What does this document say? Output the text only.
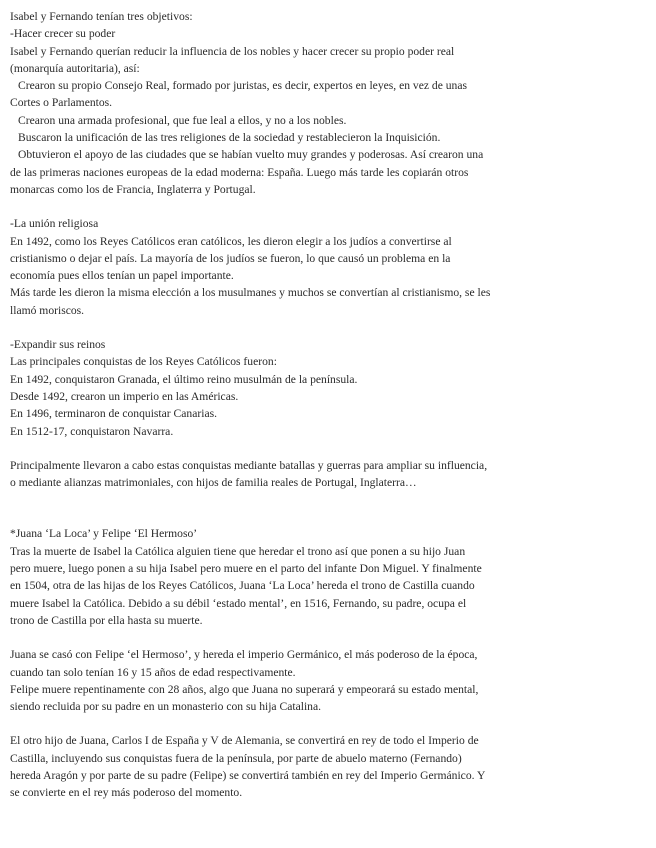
Isabel y Fernando tenían tres objetivos:
-Hacer crecer su poder
Isabel y Fernando querían reducir la influencia de los nobles y hacer crecer su propio poder real
(monarquía autoritaria), así:
Crearon su propio Consejo Real, formado por juristas, es decir, expertos en leyes, en vez de unas
Cortes o Parlamentos.
Crearon una armada profesional, que fue leal a ellos, y no a los nobles.
Buscaron la unificación de las tres religiones de la sociedad y restablecieron la Inquisición.
Obtuvieron el apoyo de las ciudades que se habían vuelto muy grandes y poderosas. Así crearon una
de las primeras naciones europeas de la edad moderna: España. Luego más tarde les copiarán otros
monarcas como los de Francia, Inglaterra y Portugal.
-La unión religiosa
En 1492, como los Reyes Católicos eran católicos, les dieron elegir a los judíos a convertirse al
cristianismo o dejar el país. La mayoría de los judíos se fueron, lo que causó un problema en la
economía pues ellos tenían un papel importante.
Más tarde les dieron la misma elección a los musulmanes y muchos se convertían al cristianismo, se les
llamó moriscos.
-Expandir sus reinos
Las principales conquistas de los Reyes Católicos fueron:
En 1492, conquistaron Granada, el último reino musulmán de la península.
Desde 1492, crearon un imperio en las Américas.
En 1496, terminaron de conquistar Canarias.
En 1512-17, conquistaron Navarra.
Principalmente llevaron a cabo estas conquistas mediante batallas y guerras para ampliar su influencia,
o mediante alianzas matrimoniales, con hijos de familia reales de Portugal, Inglaterra…
*Juana ‘La Loca’ y Felipe ‘El Hermoso’
Tras la muerte de Isabel la Católica alguien tiene que heredar el trono así que ponen a su hijo Juan
pero muere, luego ponen a su hija Isabel pero muere en el parto del infante Don Miguel. Y finalmente
en 1504, otra de las hijas de los Reyes Católicos, Juana ‘La Loca’ hereda el trono de Castilla cuando
muere Isabel la Católica. Debido a su débil ‘estado mental’, en 1516, Fernando, su padre, ocupa el
trono de Castilla por ella hasta su muerte.
Juana se casó con Felipe ‘el Hermoso’, y hereda el imperio Germánico, el más poderoso de la época,
cuando tan solo tenían 16 y 15 años de edad respectivamente.
Felipe muere repentinamente con 28 años, algo que Juana no superará y empeorará su estado mental,
siendo recluida por su padre en un monasterio con su hija Catalina.
El otro hijo de Juana, Carlos I de España y V de Alemania, se convertirá en rey de todo el Imperio de
Castilla, incluyendo sus conquistas fuera de la península, por parte de abuelo materno (Fernando)
hereda Aragón y por parte de su padre (Felipe) se convertirá también en rey del Imperio Germánico. Y
se convierte en el rey más poderoso del momento.
